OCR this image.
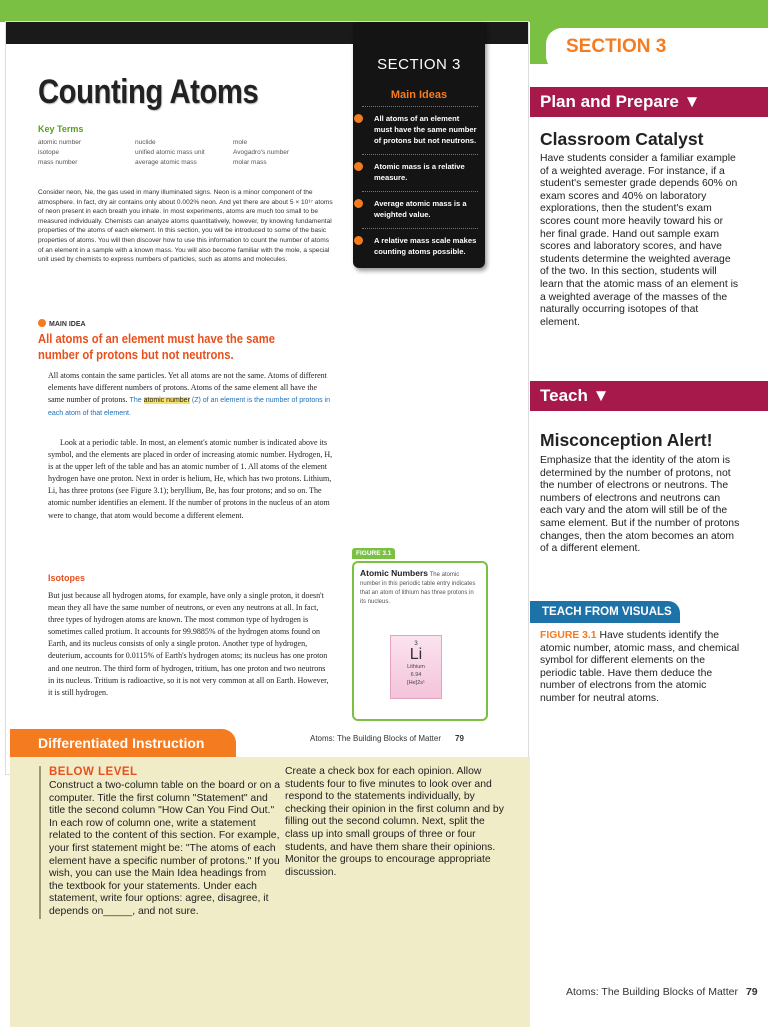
SECTION 3
Main Ideas
All atoms of an element must have the same number of protons but not neutrons.
Atomic mass is a relative measure.
Average atomic mass is a weighted value.
A relative mass scale makes counting atoms possible.
Counting Atoms
Key Terms
atomic number
isotope
mass number
nuclide
unified atomic mass unit
average atomic mass
mole
Avogadro's number
molar mass
Consider neon, Ne, the gas used in many illuminated signs. Neon is a minor component of the atmosphere. In fact, dry air contains only about 0.002% neon. And yet there are about 5 × 10¹⁷ atoms of neon present in each breath you inhale. In most experiments, atoms are much too small to be measured individually. Chemists can analyze atoms quantitatively, however, by knowing fundamental properties of the atoms of each element. In this section, you will be introduced to some of the basic properties of atoms. You will then discover how to use this information to count the number of atoms of an element in a sample with a known mass. You will also become familiar with the mole, a special unit used by chemists to express numbers of particles, such as atoms and molecules.
MAIN IDEA
All atoms of an element must have the same number of protons but not neutrons.
All atoms contain the same particles. Yet all atoms are not the same. Atoms of different elements have different numbers of protons. Atoms of the same element all have the same number of protons. The atomic number (Z) of an element is the number of protons in each atom of that element.
Look at a periodic table. In most, an element's atomic number is indicated above its symbol, and the elements are placed in order of increasing atomic number. Hydrogen, H, is at the upper left of the table and has an atomic number of 1. All atoms of the element hydrogen have one proton. Next in order is helium, He, which has two protons. Lithium, Li, has three protons (see Figure 3.1); beryllium, Be, has four protons; and so on. The atomic number identifies an element. If the number of protons in the nucleus of an atom were to change, that atom would become a different element.
Isotopes
But just because all hydrogen atoms, for example, have only a single proton, it doesn't mean they all have the same number of neutrons, or even any neutrons at all. In fact, three types of hydrogen atoms are known. The most common type of hydrogen is sometimes called protium. It accounts for 99.9885% of the hydrogen atoms found on Earth, and its nucleus consists of only a single proton. Another type of hydrogen, deuterium, accounts for 0.0115% of Earth's hydrogen atoms; its nucleus has one proton and one neutron. The third form of hydrogen, tritium, has one proton and two neutrons in its nucleus. Tritium is radioactive, so it is not very common at all on Earth. However, it is still hydrogen.
FIGURE 3.1
Atomic Numbers The atomic number in this periodic table entry indicates that an atom of lithium has three protons in its nucleus.
3
Li
Lithium
6.94
[He]2s¹
Atoms: The Building Blocks of Matter 79
SECTION 3
Plan and Prepare ▼
Classroom Catalyst
Have students consider a familiar example of a weighted average. For instance, if a student's semester grade depends 60% on exam scores and 40% on laboratory explorations, then the student's exam scores count more heavily toward his or her final grade. Hand out sample exam scores and laboratory scores, and have students determine the weighted average of the two. In this section, students will learn that the atomic mass of an element is a weighted average of the masses of the naturally occurring isotopes of that element.
Teach ▼
Misconception Alert!
Emphasize that the identity of the atom is determined by the number of protons, not the number of electrons or neutrons. The numbers of electrons and neutrons can each vary and the atom will still be of the same element. But if the number of protons changes, then the atom becomes an atom of a different element.
TEACH FROM VISUALS
FIGURE 3.1 Have students identify the atomic number, atomic mass, and chemical symbol for different elements on the periodic table. Have them deduce the number of electrons from the atomic number for neutral atoms.
Atoms: The Building Blocks of Matter 79
Differentiated Instruction
BELOW LEVEL
Construct a two-column table on the board or on a computer. Title the first column "Statement" and title the second column "How Can You Find Out." In each row of column one, write a statement related to the content of this section. For example, your first statement might be: "The atoms of each element have a specific number of protons." If you wish, you can use the Main Idea headings from the textbook for your statements. Under each statement, write four options: agree, disagree, it depends on_____, and not sure.
Create a check box for each opinion. Allow students four to five minutes to look over and respond to the statements individually, by checking their opinion in the first column and by filling out the second column. Next, split the class up into small groups of three or four students, and have them share their opinions. Monitor the groups to encourage appropriate discussion.
